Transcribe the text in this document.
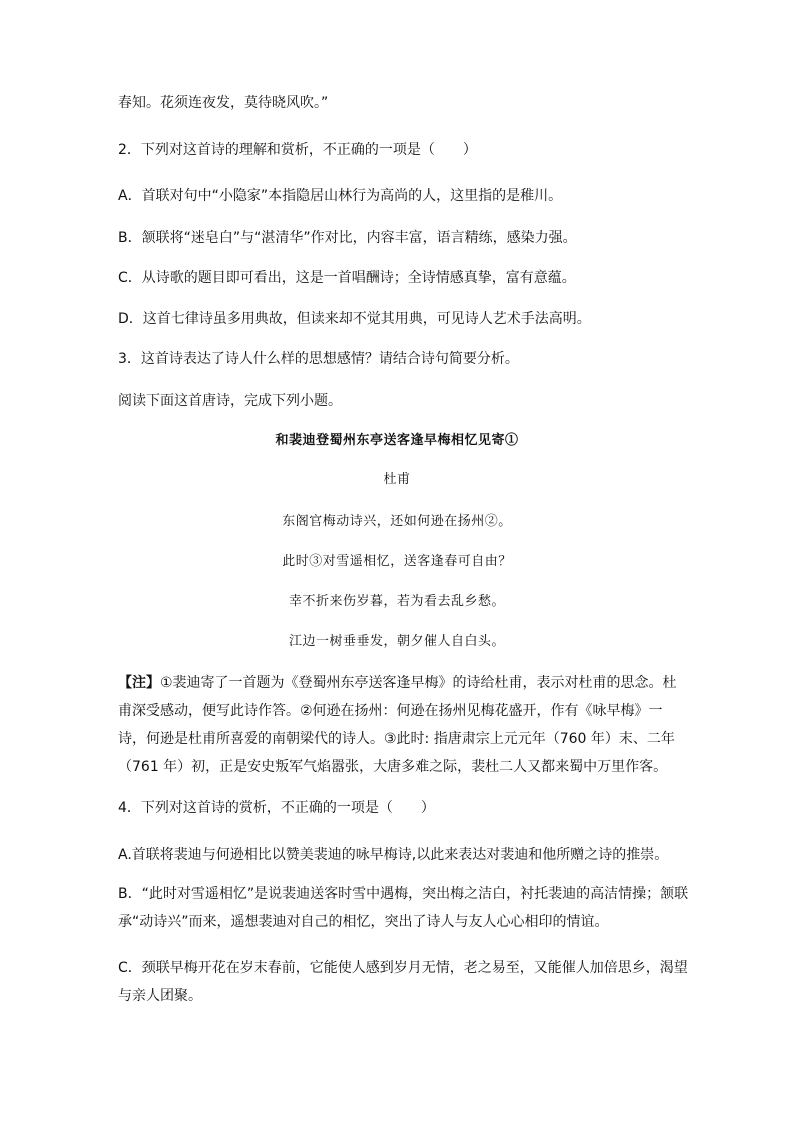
春知。花须连夜发，莫待晓风吹。”
2．下列对这首诗的理解和赏析，不正确的一项是（　　）
A．首联对句中“小隐家”本指隐居山林行为高尚的人，这里指的是稚川。
B．颔联将“迷皂白”与“湛清华”作对比，内容丰富，语言精练，感染力强。
C．从诗歌的题目即可看出，这是一首唱酬诗；全诗情感真挚，富有意蕴。
D．这首七律诗虽多用典故，但读来却不觉其用典，可见诗人艺术手法高明。
3．这首诗表达了诗人什么样的思想感情？请结合诗句简要分析。
阅读下面这首唐诗，完成下列小题。
和裴迪登蜀州东亭送客逢早梅相忆见寄①
杜甫
东阁官梅动诗兴，还如何逊在扬州②。
此时③对雪遥相忆，送客逢春可自由？
幸不折来伤岁暮，若为看去乱乡愁。
江边一树垂垂发，朝夕催人自白头。
【注】①裴迪寄了一首题为《登蜀州东亭送客逢早梅》的诗给杜甫，表示对杜甫的思念。杜甫深受感动，便写此诗作答。②何逊在扬州：何逊在扬州见梅花盛开，作有《咏早梅》一诗，何逊是杜甫所喜爱的南朝梁代的诗人。③此时: 指唐肃宗上元元年（760 年）末、二年（761 年）初，正是安史叛军气焰嚣张，大唐多难之际，裴杜二人又都来蜀中万里作客。
4．下列对这首诗的赏析，不正确的一项是（　　）
A.首联将裴迪与何逊相比以赞美裴迪的咏早梅诗,以此来表达对裴迪和他所赠之诗的推崇。
B．“此时对雪遥相忆”是说裴迪送客时雪中遇梅，突出梅之洁白，衬托裴迪的高洁情操；颔联承“动诗兴”而来，遥想裴迪对自己的相忆，突出了诗人与友人心心相印的情谊。
C．颈联早梅开花在岁末春前，它能使人感到岁月无情，老之易至，又能催人加倍思乡，渴望与亲人团聚。
